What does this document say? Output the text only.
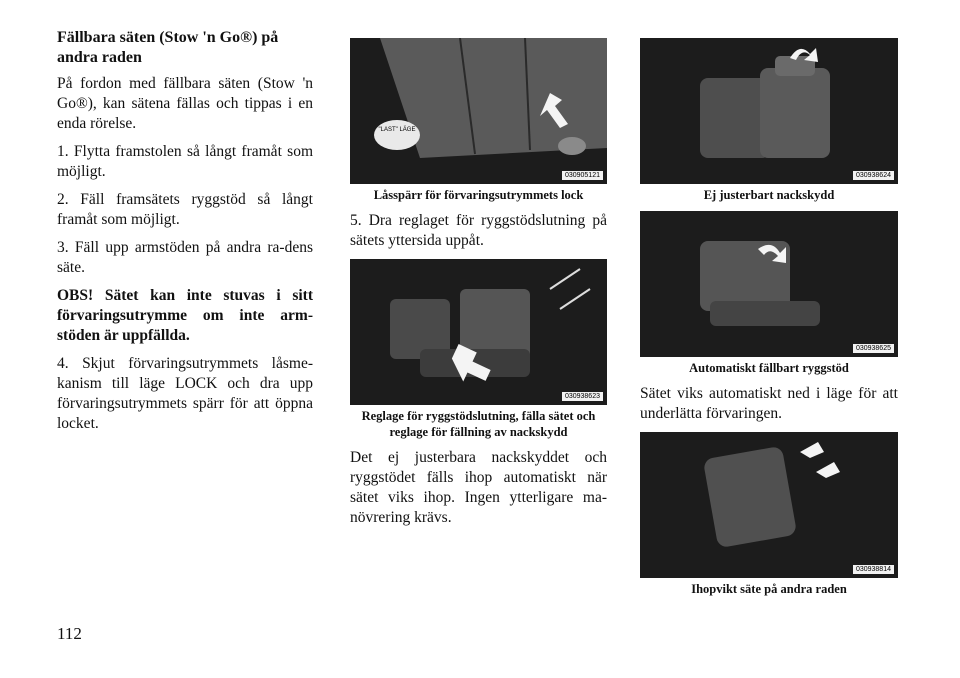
Fällbara säten (Stow 'n Go®) på andra raden

På fordon med fällbara säten (Stow 'n Go®), kan sätena fällas och tippas i en enda rörelse.

1. Flytta framstolen så långt framåt som möjligt.

2. Fäll framsätets ryggstöd så långt framåt som möjligt.

3. Fäll upp armstöden på andra ra-dens säte.

OBS! Sätet kan inte stuvas i sitt förvaringsutrymme om inte arm-stöden är uppfällda.

4. Skjut förvaringsutrymmets låsme-kanism till läge LOCK och dra upp förvaringsutrymmets spärr för att öppna locket.

"LAST" LÄGE
030905121
Låsspärr för förvaringsutrymmets lock

5. Dra reglaget för ryggstödslutning på sätets yttersida uppåt.

030938623
Reglage för ryggstödslutning, fälla sätet och reglage för fällning av nackskydd

Det ej justerbara nackskyddet och ryggstödet fälls ihop automatiskt när sätet viks ihop. Ingen ytterligare ma-növrering krävs.

030938624
Ej justerbart nackskydd
030938625
Automatiskt fällbart ryggstöd

Sätet viks automatiskt ned i läge för att underlätta förvaringen.

030938814
Ihopvikt säte på andra raden
112
